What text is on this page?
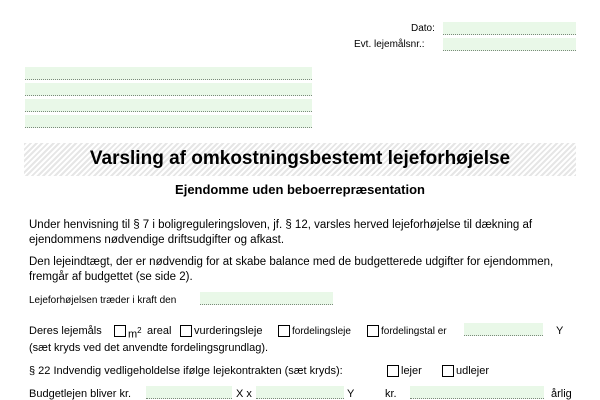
Dato:
Evt. lejemålsnr.:
Varsling af omkostningsbestemt lejeforhøjelse
Ejendomme uden beboerrepræsentation
Under henvisning til § 7 i boligreguleringsloven, jf. § 12, varsles herved lejeforhøjelse til dækning af ejendommens nødvendige driftsudgifter og afkast.
Den lejeindtægt, der er nødvendig for at skabe balance med de budgetterede udgifter for ejendommen, fremgår af budgettet (se side 2).
Lejeforhøjelsen træder i kraft den
Deres lejemåls $m^2$ areal vurderingsleje	fordelingsleje	fordelingstal er	Y
(sæt kryds ved det anvendte fordelingsgrundlag).
§ 22 Indvendig vedligeholdelse ifølge lejekontrakten (sæt kryds):	lejer	udlejer
Budgetlejen bliver kr.	X x	Y	kr.	årlig
